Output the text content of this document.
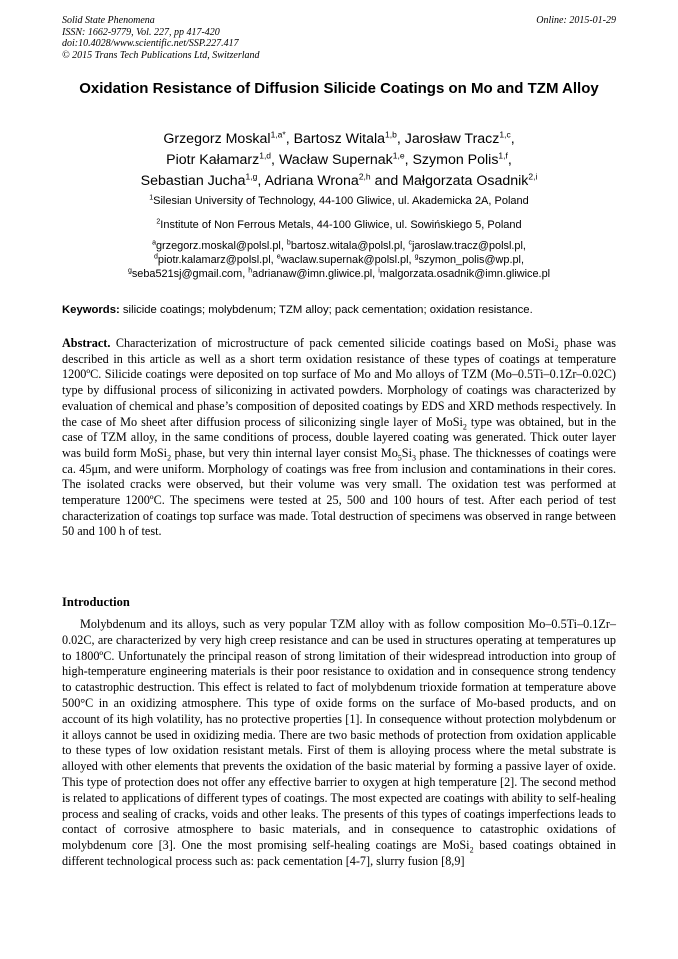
Solid State Phenomena
ISSN: 1662-9779, Vol. 227, pp 417-420
doi:10.4028/www.scientific.net/SSP.227.417
© 2015 Trans Tech Publications Ltd, Switzerland
Online: 2015-01-29
Oxidation Resistance of Diffusion Silicide Coatings on Mo and TZM Alloy
Grzegorz Moskal$^{1,a*}$, Bartosz Witala$^{1,b}$, Jarosław Tracz$^{1,c}$,
Piotr Kałamarz$^{1,d}$, Wacław Supernak$^{1,e}$, Szymon Polis$^{1,f}$,
Sebastian Jucha$^{1,g}$, Adriana Wrona$^{2,h}$ and Małgorzata Osadnik$^{2,i}$
$^1$Silesian University of Technology, 44-100 Gliwice, ul. Akademicka 2A, Poland
$^2$Institute of Non Ferrous Metals, 44-100 Gliwice, ul. Sowińskiego 5, Poland
$^a$grzegorz.moskal@polsl.pl, $^b$bartosz.witala@polsl.pl, $^c$jaroslaw.tracz@polsl.pl,
$^d$piotr.kalamarz@polsl.pl, $^e$waclaw.supernak@polsl.pl, $^g$szymon_polis@wp.pl,
$^g$seba521sj@gmail.com, $^h$adrianaw@imn.gliwice.pl, $^i$malgorzata.osadnik@imn.gliwice.pl
Keywords: silicide coatings; molybdenum; TZM alloy; pack cementation; oxidation resistance.
Abstract. Characterization of microstructure of pack cemented silicide coatings based on MoSi$_2$ phase was described in this article as well as a short term oxidation resistance of these types of coatings at temperature 1200ºC. Silicide coatings were deposited on top surface of Mo and Mo alloys of TZM (Mo–0.5Ti–0.1Zr–0.02C) type by diffusional process of siliconizing in activated powders. Morphology of coatings was characterized by evaluation of chemical and phase’s composition of deposited coatings by EDS and XRD methods respectively. In the case of Mo sheet after diffusion process of siliconizing single layer of MoSi$_2$ type was obtained, but in the case of TZM alloy, in the same conditions of process, double layered coating was generated. Thick outer layer was build form MoSi$_2$ phase, but very thin internal layer consist $Mo_5Si_3$ phase. The thicknesses of coatings were ca. 45μm, and were uniform. Morphology of coatings was free from inclusion and contaminations in their cores. The isolated cracks were observed, but their volume was very small. The oxidation test was performed at temperature 1200ºC. The specimens were tested at 25, 500 and 100 hours of test. After each period of test characterization of coatings top surface was made. Total destruction of specimens was observed in range between 50 and 100 h of test.
Introduction
Molybdenum and its alloys, such as very popular TZM alloy with as follow composition Mo–0.5Ti–0.1Zr–0.02C, are characterized by very high creep resistance and can be used in structures operating at temperatures up to 1800ºC. Unfortunately the principal reason of strong limitation of their widespread introduction into group of high-temperature engineering materials is their poor resistance to oxidation and in consequence strong tendency to catastrophic destruction. This effect is related to fact of molybdenum trioxide formation at temperature above 500°C in an oxidizing atmosphere. This type of oxide forms on the surface of Mo-based products, and on account of its high volatility, has no protective properties [1]. In consequence without protection molybdenum or it alloys cannot be used in oxidizing media. There are two basic methods of protection from oxidation applicable to these types of low oxidation resistant metals. First of them is alloying process where the metal substrate is alloyed with other elements that prevents the oxidation of the basic material by forming a passive layer of oxide. This type of protection does not offer any effective barrier to oxygen at high temperature [2]. The second method is related to applications of different types of coatings. The most expected are coatings with ability to self-healing process and sealing of cracks, voids and other leaks. The presents of this types of coatings imperfections leads to contact of corrosive atmosphere to basic materials, and in consequence to catastrophic oxidations of molybdenum core [3]. One the most promising self-healing coatings are MoSi$_2$ based coatings obtained in different technological process such as: pack cementation [4-7], slurry fusion [8,9]
